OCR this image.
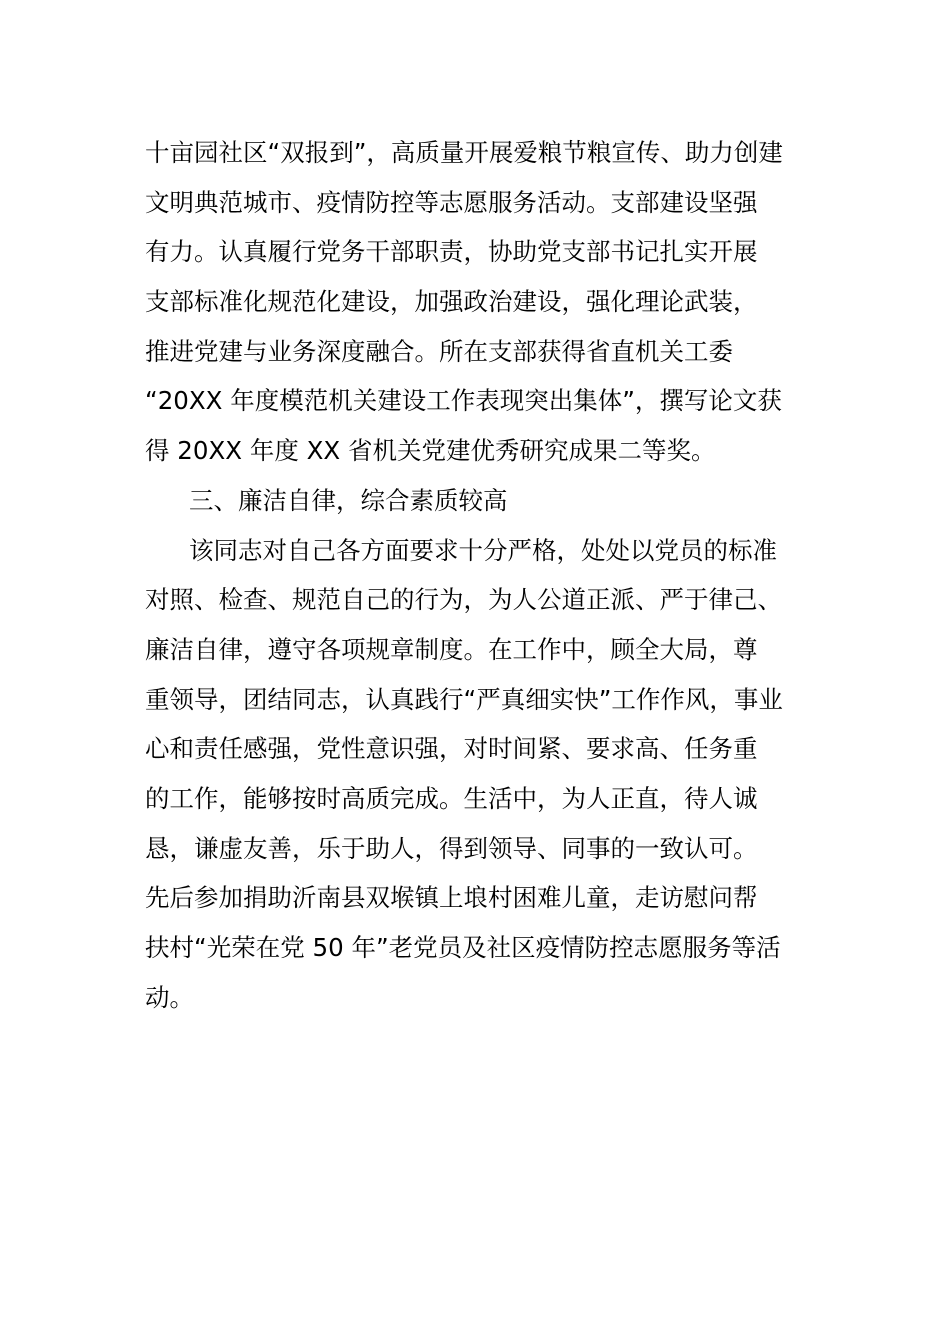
十亩园社区“双报到”，高质量开展爱粮节粮宣传、助力创建
文明典范城市、疫情防控等志愿服务活动。支部建设坚强
有力。认真履行党务干部职责，协助党支部书记扎实开展
支部标准化规范化建设，加强政治建设，强化理论武装，
推进党建与业务深度融合。所在支部获得省直机关工委
“20XX 年度模范机关建设工作表现突出集体”，撰写论文获
得 20XX 年度 XX 省机关党建优秀研究成果二等奖。
三、廉洁自律，综合素质较高
该同志对自己各方面要求十分严格，处处以党员的标准
对照、检查、规范自己的行为，为人公道正派、严于律己、
廉洁自律，遵守各项规章制度。在工作中，顾全大局，尊
重领导，团结同志，认真践行“严真细实快”工作作风，事业
心和责任感强，党性意识强，对时间紧、要求高、任务重
的工作，能够按时高质完成。生活中，为人正直，待人诚
恳，谦虚友善，乐于助人，得到领导、同事的一致认可。
先后参加捐助沂南县双堠镇上埌村困难儿童，走访慰问帮
扶村“光荣在党 50 年”老党员及社区疫情防控志愿服务等活
动。
